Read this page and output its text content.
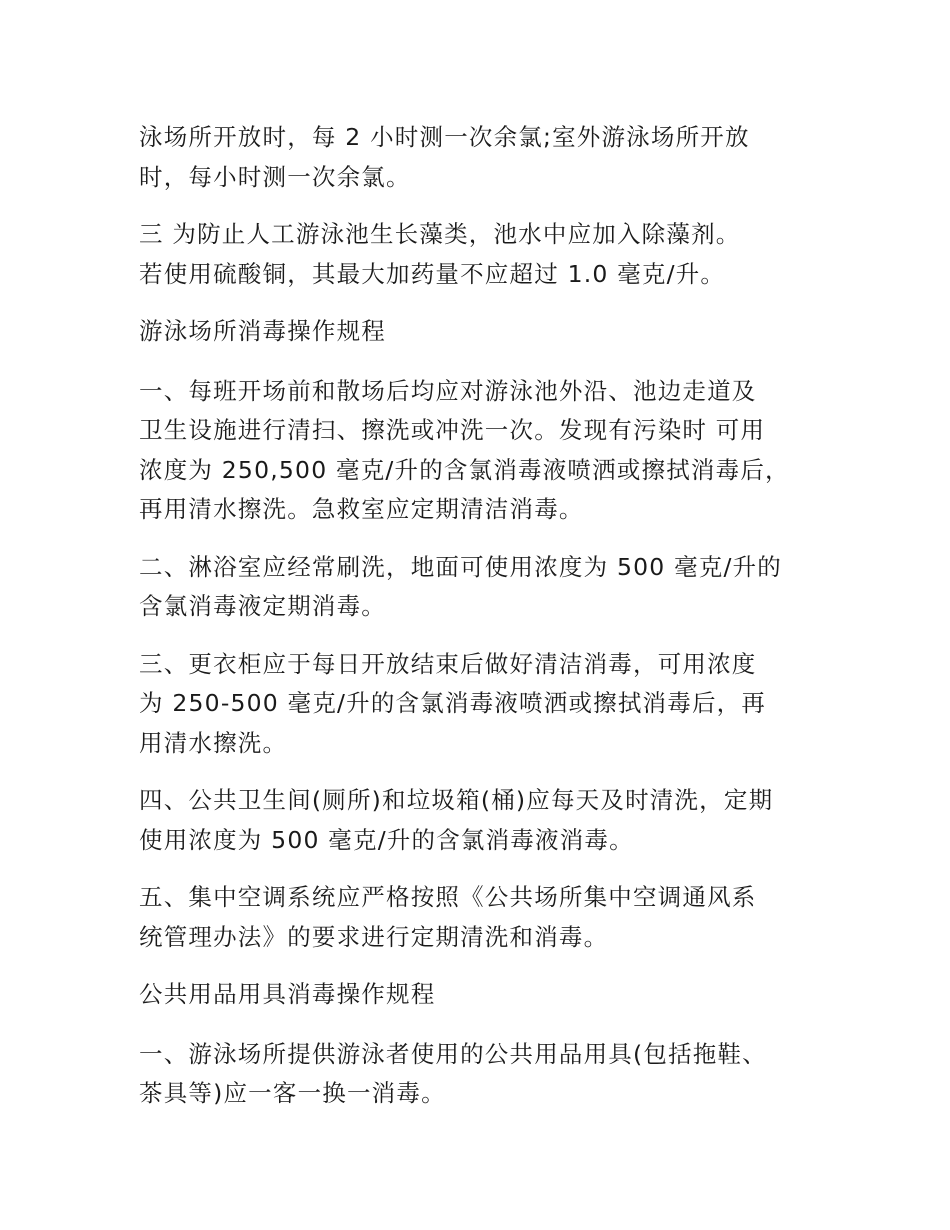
泳场所开放时，每 2 小时测一次余氯;室外游泳场所开放
时，每小时测一次余氯。
三 为防止人工游泳池生长藻类，池水中应加入除藻剂。
若使用硫酸铜，其最大加药量不应超过 1.0 毫克/升。
游泳场所消毒操作规程
一、每班开场前和散场后均应对游泳池外沿、池边走道及
卫生设施进行清扫、擦洗或冲洗一次。发现有污染时 可用
浓度为 250,500 毫克/升的含氯消毒液喷洒或擦拭消毒后，
再用清水擦洗。急救室应定期清洁消毒。
二、淋浴室应经常刷洗，地面可使用浓度为 500 毫克/升的
含氯消毒液定期消毒。
三、更衣柜应于每日开放结束后做好清洁消毒，可用浓度
为 250-500 毫克/升的含氯消毒液喷洒或擦拭消毒后，再
用清水擦洗。
四、公共卫生间(厕所)和垃圾箱(桶)应每天及时清洗，定期
使用浓度为 500 毫克/升的含氯消毒液消毒。
五、集中空调系统应严格按照《公共场所集中空调通风系
统管理办法》的要求进行定期清洗和消毒。
公共用品用具消毒操作规程
一、游泳场所提供游泳者使用的公共用品用具(包括拖鞋、
茶具等)应一客一换一消毒。
